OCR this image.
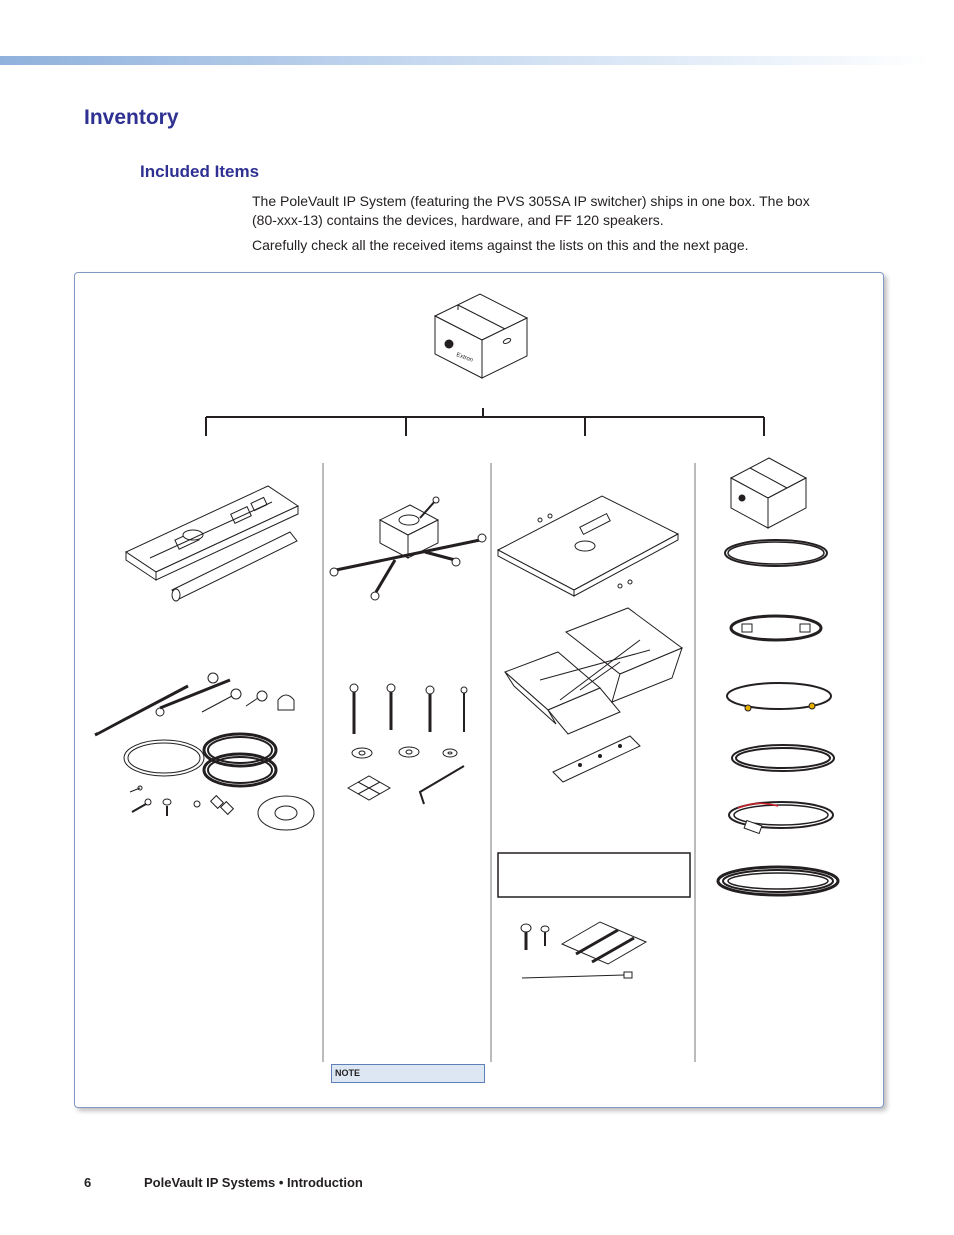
Inventory
Included Items

The PoleVault IP System (featuring the PVS 305SA IP switcher) ships in one box. The box (80-xxx-13) contains the devices, hardware, and FF 120 speakers.

Carefully check all the received items against the lists on this and the next page.

Extron
NOTE
6	PoleVault IP Systems • Introduction
